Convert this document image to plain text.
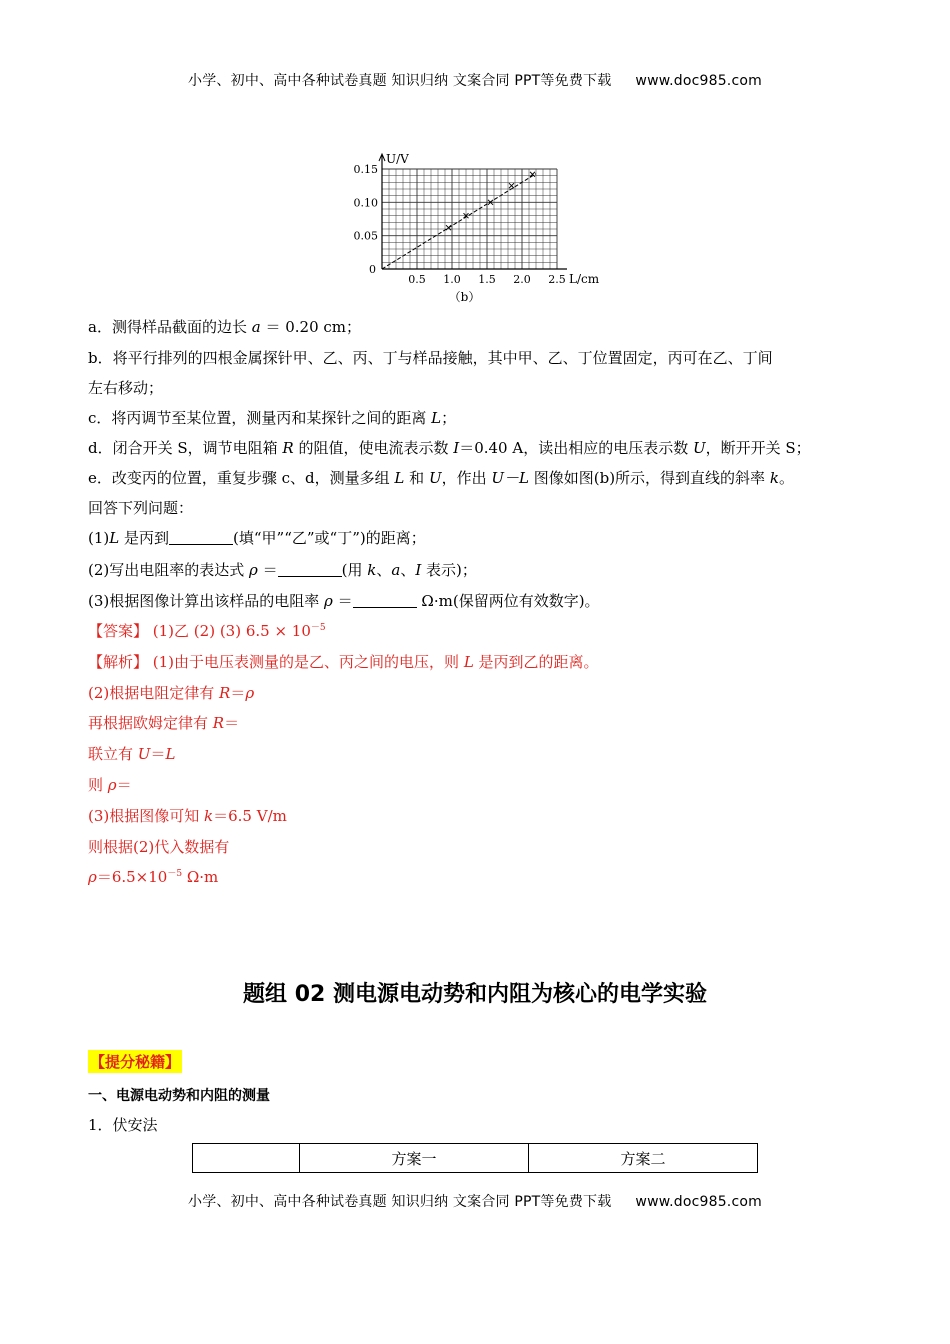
小学、初中、高中各种试卷真题 知识归纳 文案合同 PPT等免费下载 www.doc985.com
0.5 1.0 1.5 2.0 2.5
0.05
0.10
0.15
0
U/V
L/cm
（b）
a．测得样品截面的边长 a ＝ 0.20 cm；
b．将平行排列的四根金属探针甲、乙、丙、丁与样品接触，其中甲、乙、丁位置固定，丙可在乙、丁间
左右移动；
c．将丙调节至某位置，测量丙和某探针之间的距离 L；
d．闭合开关 S，调节电阻箱 R 的阻值，使电流表示数 I＝0.40 A，读出相应的电压表示数 U，断开开关 S；
e．改变丙的位置，重复步骤 c、d，测量多组 L 和 U，作出 U－L 图像如图(b)所示，得到直线的斜率 k。
回答下列问题：
(1)L 是丙到	(填“甲”“乙”或“丁”)的距离；
(2)写出电阻率的表达式 ρ ＝	(用 k、a、I 表示)；
(3)根据图像计算出该样品的电阻率 ρ ＝	Ω·m(保留两位有效数字)。
【答案】 (1)乙 (2) (3) $6.5 \times 10^{-5}$
【解析】 (1)由于电压表测量的是乙、丙之间的电压，则 L 是丙到乙的距离。
(2)根据电阻定律有 R＝ρ
再根据欧姆定律有 R＝
联立有 U＝L
则 ρ＝
(3)根据图像可知 k＝6.5 V/m
则根据(2)代入数据有
$\rho=6.5\times 10^{-5}$ Ω·m
题组 02 测电源电动势和内阻为核心的电学实验
【提分秘籍】
一、电源电动势和内阻的测量
1．伏安法
	方案一	方案二
小学、初中、高中各种试卷真题 知识归纳 文案合同 PPT等免费下载 www.doc985.com
